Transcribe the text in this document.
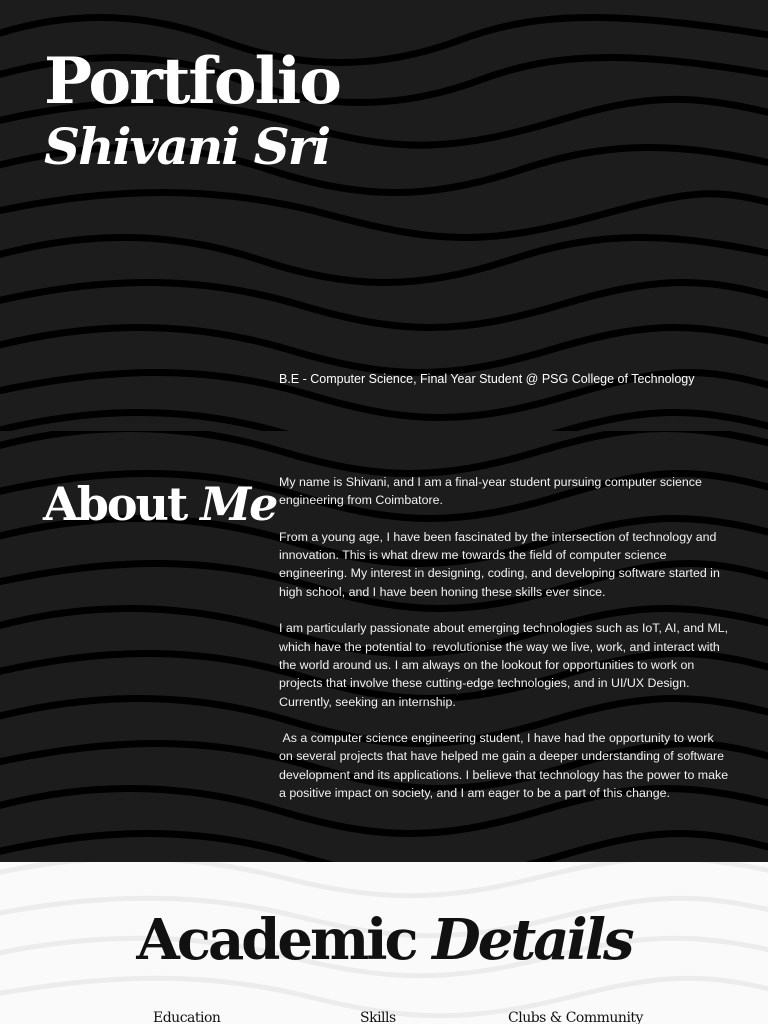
Portfolio
Shivani Sri
B.E - Computer Science, Final Year Student @ PSG College of Technology
About Me My name is Shivani, and I am a final-year student pursuing computer science engineering from Coimbatore.

From a young age, I have been fascinated by the intersection of technology and innovation. This is what drew me towards the field of computer science engineering. My interest in designing, coding, and developing software started in high school, and I have been honing these skills ever since.

I am particularly passionate about emerging technologies such as IoT, AI, and ML, which have the potential to  revolutionise the way we live, work, and interact with the world around us. I am always on the lookout for opportunities to work on projects that involve these cutting-edge technologies, and in UI/UX Design. Currently, seeking an internship.

As a computer science engineering student, I have had the opportunity to work on several projects that have helped me gain a deeper understanding of software development and its applications. I believe that technology has the power to make a positive impact on society, and I am eager to be a part of this change.

Academic Details
Education	Skills	Clubs & Community
